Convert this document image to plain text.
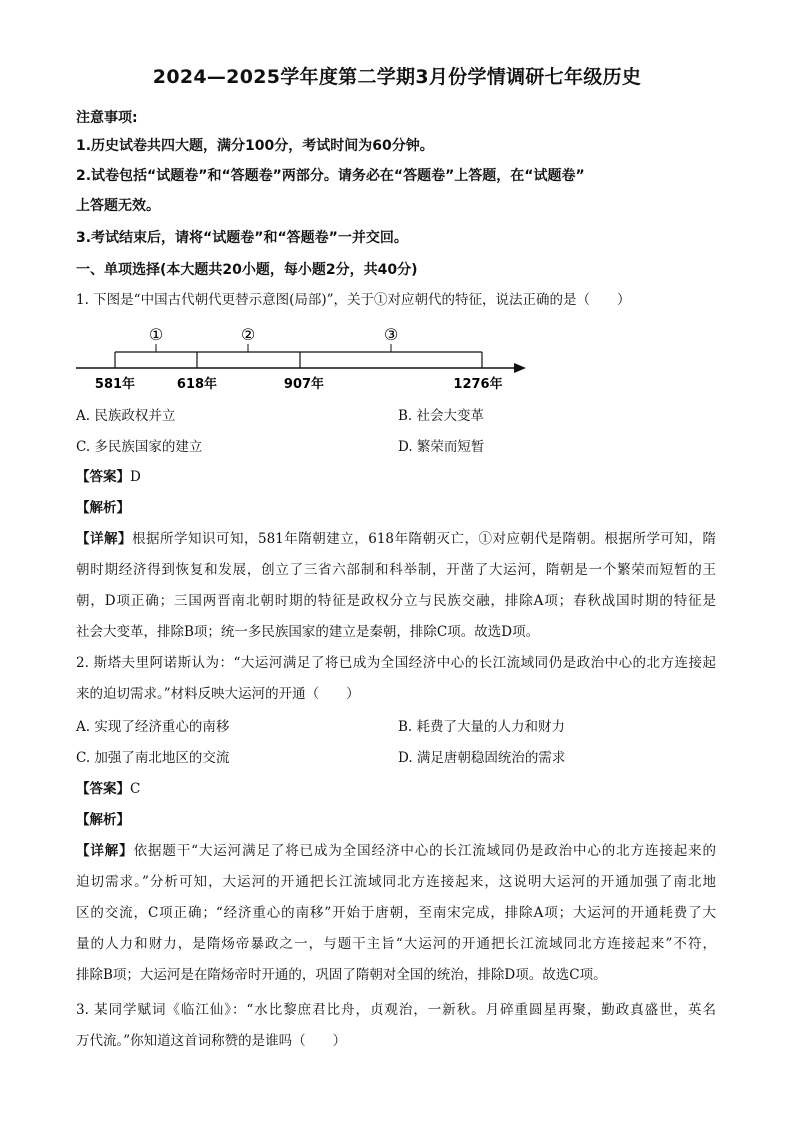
2024—2025学年度第二学期3月份学情调研七年级历史
注意事项:
1.历史试卷共四大题，满分100分，考试时间为60分钟。
2.试卷包括“试题卷”和“答题卷”两部分。请务必在“答题卷”上答题，在“试题卷”
上答题无效。
3.考试结束后，请将“试题卷”和“答题卷”一并交回。
一、单项选择(本大题共20小题，每小题2分，共40分)
1. 下图是“中国古代朝代更替示意图(局部)”，关于①对应朝代的特征，说法正确的是（　　）
①	②	③
581年	618年	907年	1276年
A. 民族政权并立	B. 社会大变革
C. 多民族国家的建立	D. 繁荣而短暂
【答案】D
【解析】
【详解】根据所学知识可知，581年隋朝建立，618年隋朝灭亡，①对应朝代是隋朝。根据所学可知，隋
朝时期经济得到恢复和发展，创立了三省六部制和科举制，开凿了大运河，隋朝是一个繁荣而短暂的王
朝，D项正确；三国两晋南北朝时期的特征是政权分立与民族交融，排除A项；春秋战国时期的特征是
社会大变革，排除B项；统一多民族国家的建立是秦朝，排除C项。故选D项。
2. 斯塔夫里阿诺斯认为：“大运河满足了将已成为全国经济中心的长江流域同仍是政治中心的北方连接起
来的迫切需求。”材料反映大运河的开通（　　）
A. 实现了经济重心的南移	B. 耗费了大量的人力和财力
C. 加强了南北地区的交流	D. 满足唐朝稳固统治的需求
【答案】C
【解析】
【详解】依据题干“大运河满足了将已成为全国经济中心的长江流域同仍是政治中心的北方连接起来的
迫切需求。”分析可知，大运河的开通把长江流域同北方连接起来，这说明大运河的开通加强了南北地
区的交流，C项正确；“经济重心的南移”开始于唐朝，至南宋完成，排除A项；大运河的开通耗费了大
量的人力和财力，是隋炀帝暴政之一，与题干主旨“大运河的开通把长江流域同北方连接起来”不符，
排除B项；大运河是在隋炀帝时开通的，巩固了隋朝对全国的统治，排除D项。故选C项。
3. 某同学赋词《临江仙》：“水比黎庶君比舟，贞观治，一新秋。月碎重圆星再聚，勤政真盛世，英名
万代流。”你知道这首词称赞的是谁吗（　　）
